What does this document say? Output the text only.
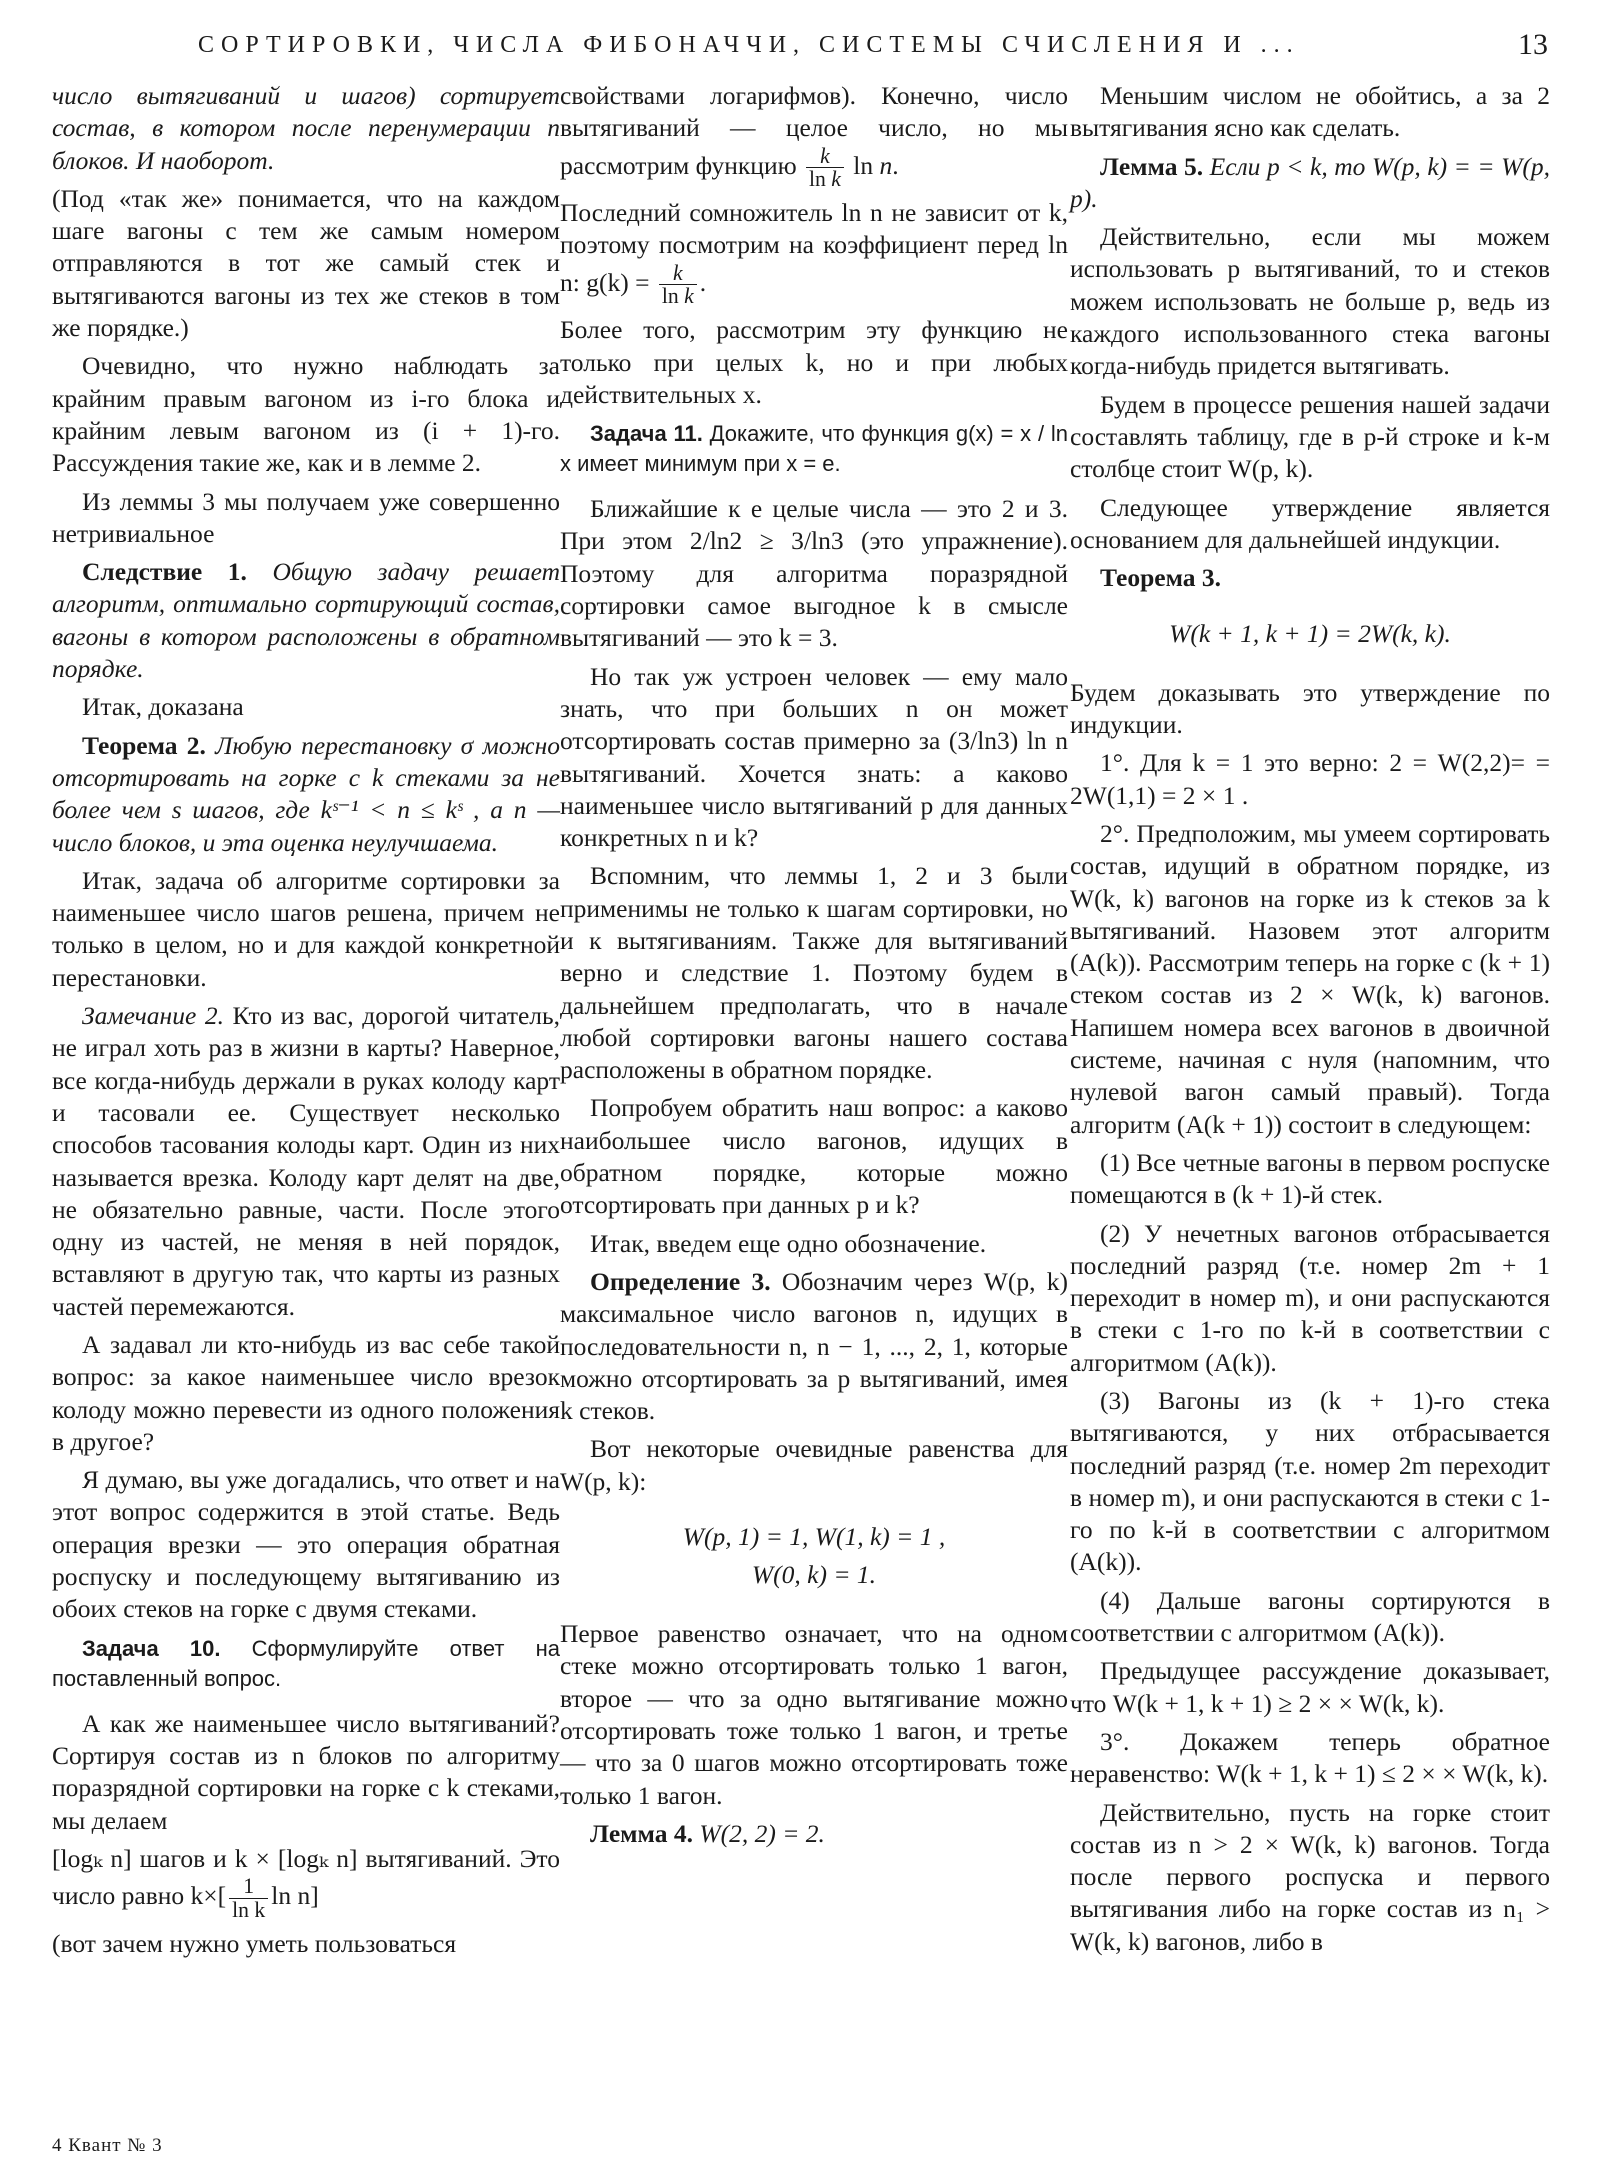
СОРТИРОВКИ, ЧИСЛА ФИБОНАЧЧИ, СИСТЕМЫ СЧИСЛЕНИЯ И ...	13

число вытягиваний и шагов) сортирует состав, в котором после перенумерации n блоков. И наоборот.

(Под «так же» понимается, что на каждом шаге вагоны с тем же самым номером отправляются в тот же самый стек и вытягиваются вагоны из тех же стеков в том же порядке.)

Очевидно, что нужно наблюдать за крайним правым вагоном из i-го блока и крайним левым вагоном из (i + 1)-го. Рассуждения такие же, как и в лемме 2.

Из леммы 3 мы получаем уже совершенно нетривиальное

Следствие 1. Общую задачу решает алгоритм, оптимально сортирующий состав, вагоны в котором расположены в обратном порядке.

Итак, доказана

Теорема 2. Любую перестановку σ можно отсортировать на горке с k стеками за не более чем s шагов, где kˢ⁻¹ < n ≤ kˢ , а n — число блоков, и эта оценка неулучшаема.

Итак, задача об алгоритме сортировки за наименьшее число шагов решена, причем не только в целом, но и для каждой конкретной перестановки.

Замечание 2. Кто из вас, дорогой читатель, не играл хоть раз в жизни в карты? Наверное, все когда-нибудь держали в руках колоду карт и тасовали ее. Существует несколько способов тасования колоды карт. Один из них называется врезка. Колоду карт делят на две, не обязательно равные, части. После этого одну из частей, не меняя в ней порядок, вставляют в другую так, что карты из разных частей перемежаются.

А задавал ли кто-нибудь из вас себе такой вопрос: за какое наименьшее число врезок колоду можно перевести из одного положения в другое?

Я думаю, вы уже догадались, что ответ и на этот вопрос содержится в этой статье. Ведь операция врезки — это операция обратная роспуску и последующему вытягиванию из обоих стеков на горке с двумя стеками.

Задача 10. Сформулируйте ответ на поставленный вопрос.

А как же наименьшее число вытягиваний? Сортируя состав из n блоков по алгоритму поразрядной сортировки на горке с k стеками, мы делаем

[logₖ n] шагов и k × [logₖ n] вытягиваний. Это число равно $k\times[ \frac{1}{\text{ln k}}$ ln n]

(вот зачем нужно уметь пользоваться

свойствами логарифмов). Конечно, число вытягиваний — целое число, но мы рассмотрим функцию $\frac{k}{\text{ln k}}$ ln n.

Последний сомножитель ln n не зависит от k, поэтому посмотрим на коэффициент перед ln n: $g(k) = \frac{k}{\text{ln k}}$ .

Более того, рассмотрим эту функцию не только при целых k, но и при любых действительных x.

Задача 11. Докажите, что функция g(x) = x / ln x имеет минимум при x = e.

Ближайшие к e целые числа — это 2 и 3. При этом 2/ln2 ≥ 3/ln3 (это упражнение). Поэтому для алгоритма поразрядной сортировки самое выгодное k в смысле вытягиваний — это k = 3.

Но так уж устроен человек — ему мало знать, что при больших n он может отсортировать состав примерно за (3/ln3) ln n вытягиваний. Хочется знать: а каково наименьшее число вытягиваний p для данных конкретных n и k?

Вспомним, что леммы 1, 2 и 3 были применимы не только к шагам сортировки, но и к вытягиваниям. Также для вытягиваний верно и следствие 1. Поэтому будем в дальнейшем предполагать, что в начале любой сортировки вагоны нашего состава расположены в обратном порядке.

Попробуем обратить наш вопрос: а каково наибольшее число вагонов, идущих в обратном порядке, которые можно отсортировать при данных p и k?

Итак, введем еще одно обозначение.

Определение 3. Обозначим через W(p, k) максимальное число вагонов n, идущих в последовательности n, n − 1, ..., 2, 1, которые можно отсортировать за p вытягиваний, имея k стеков.

Вот некоторые очевидные равенства для W(p, k):

W(p, 1) = 1, W(1, k) = 1 ,
W(0, k) = 1.

Первое равенство означает, что на одном стеке можно отсортировать только 1 вагон, второе — что за одно вытягивание можно отсортировать тоже только 1 вагон, и третье — что за 0 шагов можно отсортировать тоже только 1 вагон.

Лемма 4. W(2, 2) = 2.

Меньшим числом не обойтись, а за 2 вытягивания ясно как сделать.

Лемма 5. Если p < k, то W(p, k) = = W(p, p).

Действительно, если мы можем использовать p вытягиваний, то и стеков можем использовать не больше p, ведь из каждого использованного стека вагоны когда-нибудь придется вытягивать.

Будем в процессе решения нашей задачи составлять таблицу, где в p-й строке и k-м столбце стоит W(p, k).

Следующее утверждение является основанием для дальнейшей индукции.

Теорема 3.

W(k + 1, k + 1) = 2W(k, k).

Будем доказывать это утверждение по индукции.

1°. Для k = 1 это верно: 2 = W(2,2)= = 2W(1,1) = 2 × 1 .

2°. Предположим, мы умеем сортировать состав, идущий в обратном порядке, из W(k, k) вагонов на горке из k стеков за k вытягиваний. Назовем этот алгоритм (A(k)). Рассмотрим теперь на горке с (k + 1) стеком состав из 2 × W(k, k) вагонов. Напишем номера всех вагонов в двоичной системе, начиная с нуля (напомним, что нулевой вагон самый правый). Тогда алгоритм (A(k + 1)) состоит в следующем:

(1) Все четные вагоны в первом роспуске помещаются в (k + 1)-й стек.

(2) У нечетных вагонов отбрасывается последний разряд (т.е. номер 2m + 1 переходит в номер m), и они распускаются в стеки с 1-го по k-й в соответствии с алгоритмом (A(k)).

(3) Вагоны из (k + 1)-го стека вытягиваются, у них отбрасывается последний разряд (т.е. номер 2m переходит в номер m), и они распускаются в стеки с 1-го по k-й в соответствии с алгоритмом (A(k)).

(4) Дальше вагоны сортируются в соответствии с алгоритмом (A(k)).

Предыдущее рассуждение доказывает, что W(k + 1, k + 1) ≥ 2 × × W(k, k).

3°. Докажем теперь обратное неравенство: W(k + 1, k + 1) ≤ 2 × × W(k, k).

Действительно, пусть на горке стоит состав из n > 2 × W(k, k) вагонов. Тогда после первого роспуска и первого вытягивания либо на горке состав из n₁ > W(k, k) вагонов, либо в

4 Квант № 3
